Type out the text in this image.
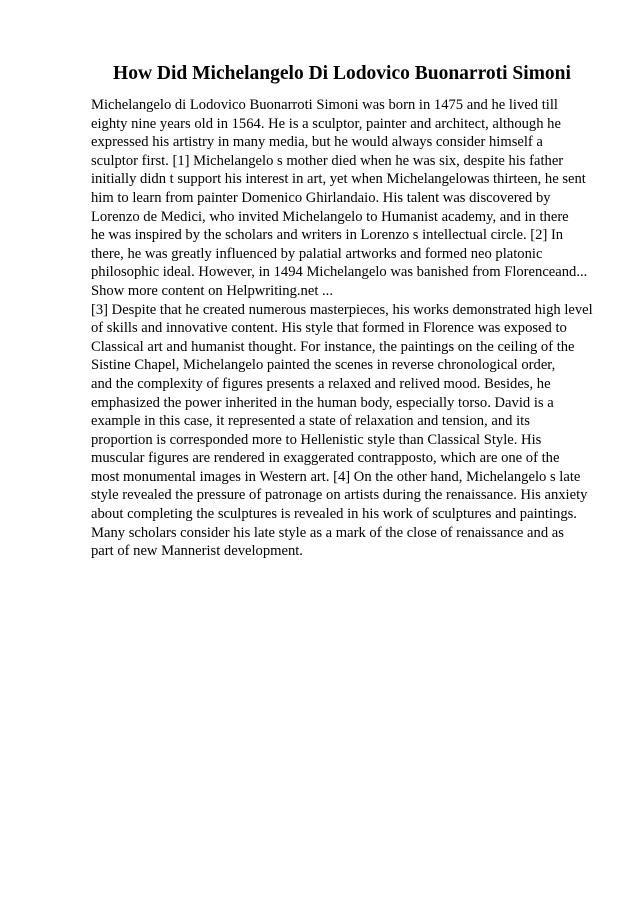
How Did Michelangelo Di Lodovico Buonarroti Simoni
Michelangelo di Lodovico Buonarroti Simoni was born in 1475 and he lived till
eighty nine years old in 1564. He is a sculptor, painter and architect, although he
expressed his artistry in many media, but he would always consider himself a
sculptor first. [1] Michelangelo s mother died when he was six, despite his father
initially didn t support his interest in art, yet when Michelangelowas thirteen, he sent
him to learn from painter Domenico Ghirlandaio. His talent was discovered by
Lorenzo de Medici, who invited Michelangelo to Humanist academy, and in there
he was inspired by the scholars and writers in Lorenzo s intellectual circle. [2] In
there, he was greatly influenced by palatial artworks and formed neo platonic
philosophic ideal. However, in 1494 Michelangelo was banished from Florenceand...
Show more content on Helpwriting.net ...
[3] Despite that he created numerous masterpieces, his works demonstrated high level
of skills and innovative content. His style that formed in Florence was exposed to
Classical art and humanist thought. For instance, the paintings on the ceiling of the
Sistine Chapel, Michelangelo painted the scenes in reverse chronological order,
and the complexity of figures presents a relaxed and relived mood. Besides, he
emphasized the power inherited in the human body, especially torso. David is a
example in this case, it represented a state of relaxation and tension, and its
proportion is corresponded more to Hellenistic style than Classical Style. His
muscular figures are rendered in exaggerated contrapposto, which are one of the
most monumental images in Western art. [4] On the other hand, Michelangelo s late
style revealed the pressure of patronage on artists during the renaissance. His anxiety
about completing the sculptures is revealed in his work of sculptures and paintings.
Many scholars consider his late style as a mark of the close of renaissance and as
part of new Mannerist development.
